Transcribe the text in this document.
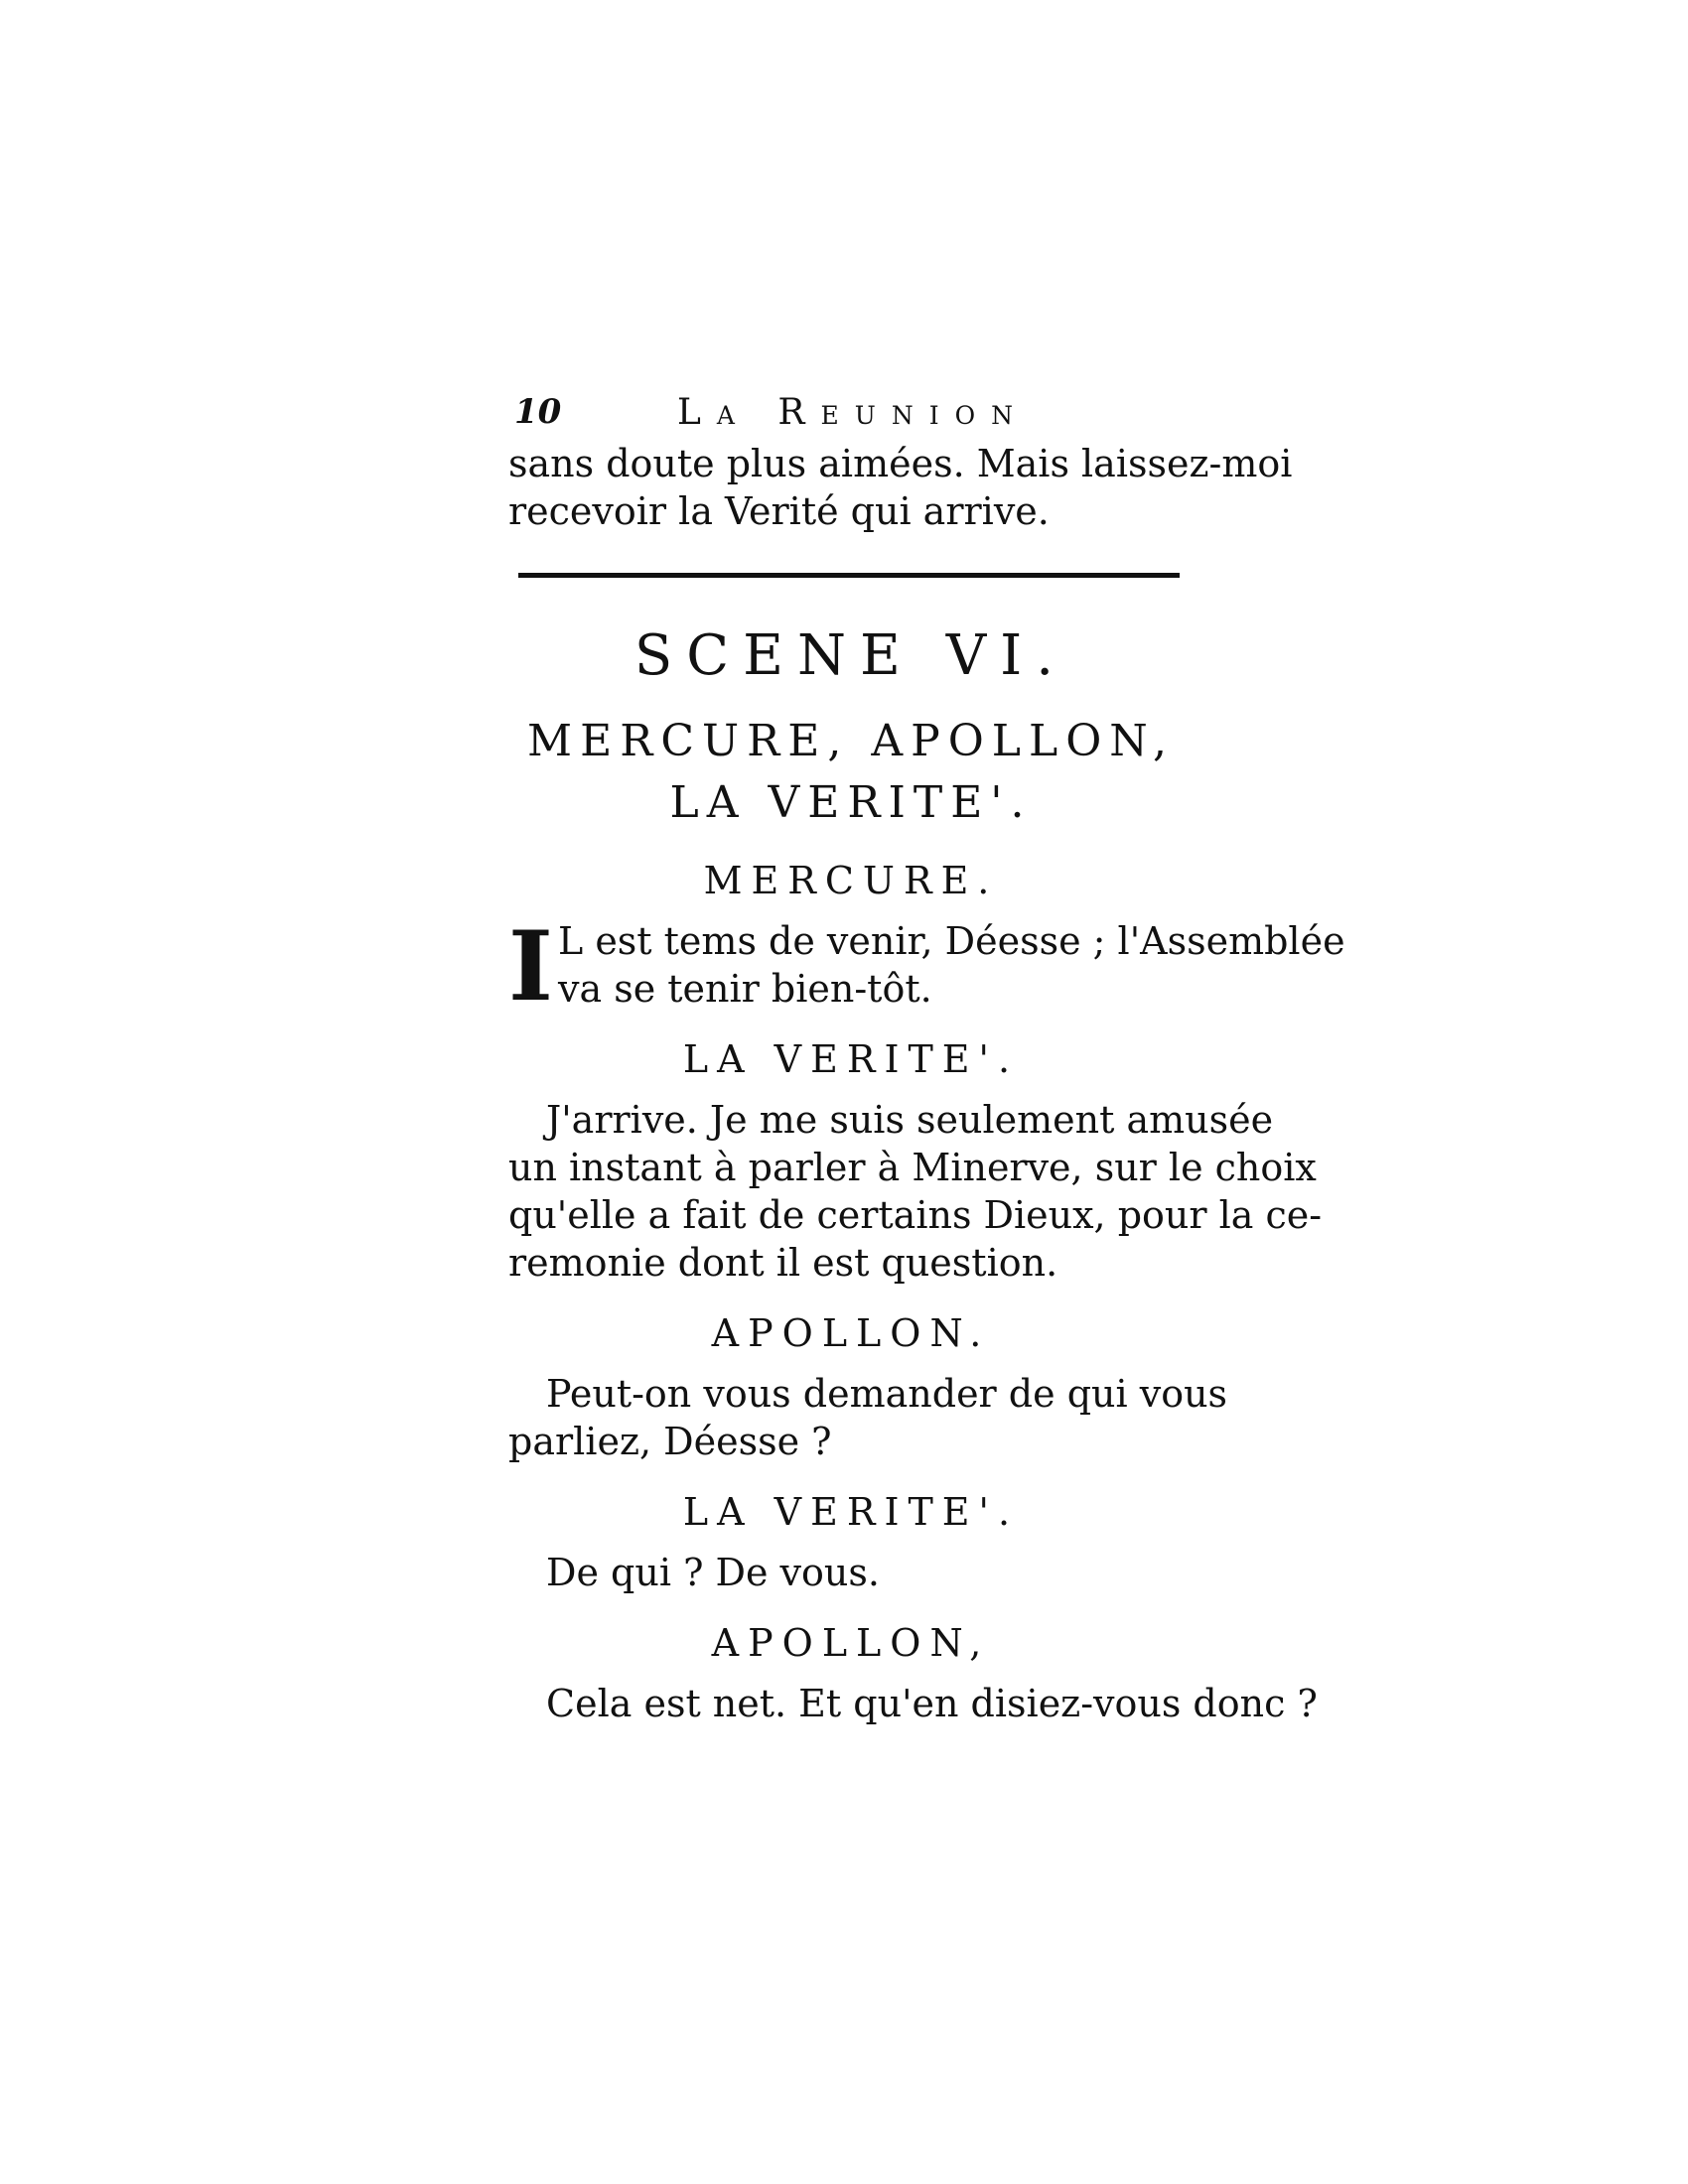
10	La Reunion
sans doute plus aimées. Mais laissez-moi
recevoir la Verité qui arrive.
SCENE VI.
MERCURE, APOLLON,
LA VERITE'.
MERCURE.
I L est tems de venir, Déesse ; l'Assemblée
va se tenir bien-tôt.
LA VERITE'.
J'arrive. Je me suis seulement amusée
un instant à parler à Minerve, sur le choix
qu'elle a fait de certains Dieux, pour la ce-
remonie dont il est question.
APOLLON.
Peut-on vous demander de qui vous
parliez, Déesse ?
LA VERITE'.
De qui ? De vous.
APOLLON,
Cela est net. Et qu'en disiez-vous donc ?
